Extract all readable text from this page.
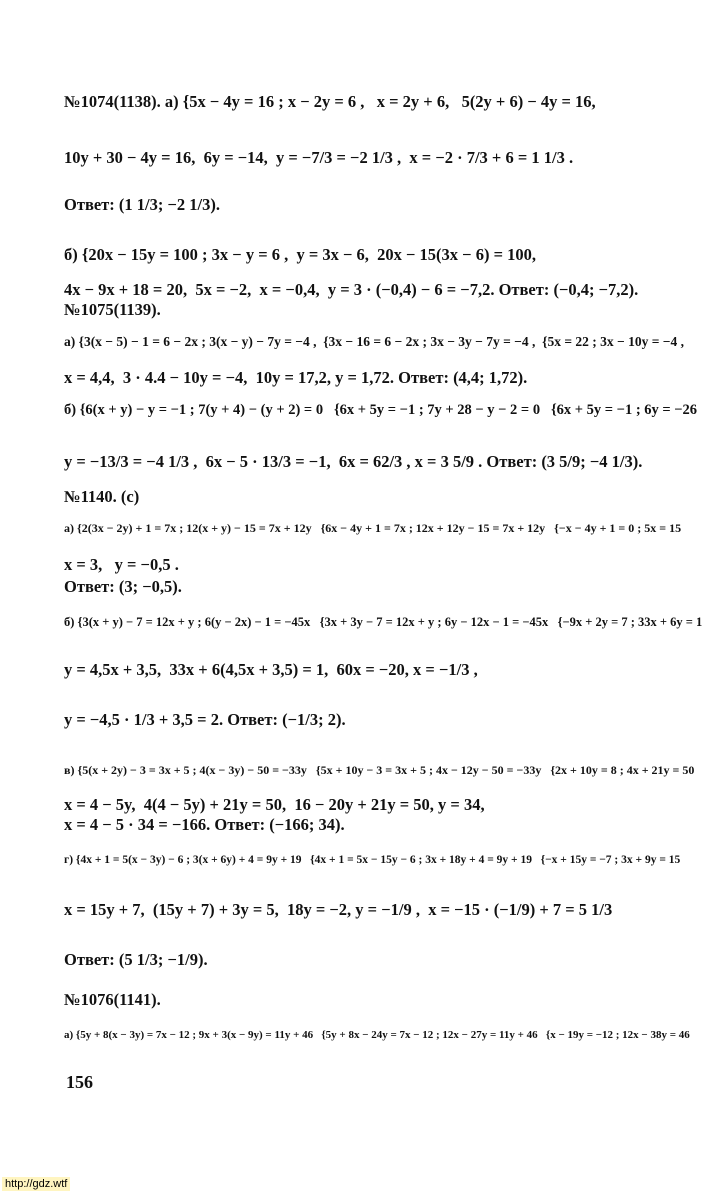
№1074(1138). а) {5x − 4y = 16 ; x − 2y = 6 ,   x = 2y + 6,   5(2y + 6) − 4y = 16,
10y + 30 − 4y = 16,  6y = −14,  y = −7/3 = −2 1/3 ,  x = −2 · 7/3 + 6 = 1 1/3 .
Ответ: (1 1/3; −2 1/3).
б) {20x − 15y = 100 ; 3x − y = 6 ,  y = 3x − 6,  20x − 15(3x − 6) = 100,
4x − 9x + 18 = 20,  5x = −2,  x = −0,4,  y = 3 · (−0,4) − 6 = −7,2. Ответ: (−0,4; −7,2).
№1075(1139).
а) {3(x − 5) − 1 = 6 − 2x ; 3(x − y) − 7y = −4 ,  {3x − 16 = 6 − 2x ; 3x − 3y − 7y = −4 ,  {5x = 22 ; 3x − 10y = −4 ,
x = 4,4,  3 · 4.4 − 10y = −4,  10y = 17,2, y = 1,72. Ответ: (4,4; 1,72).
б) {6(x + y) − y = −1 ; 7(y + 4) − (y + 2) = 0   {6x + 5y = −1 ; 7y + 28 − y − 2 = 0   {6x + 5y = −1 ; 6y = −26
y = −13/3 = −4 1/3 ,  6x − 5 · 13/3 = −1,  6x = 62/3 , x = 3 5/9 . Ответ: (3 5/9; −4 1/3).
№1140. (с)
а) {2(3x − 2y) + 1 = 7x ; 12(x + y) − 15 = 7x + 12y   {6x − 4y + 1 = 7x ; 12x + 12y − 15 = 7x + 12y   {−x − 4y + 1 = 0 ; 5x = 15
x = 3,   y = −0,5 .
Ответ: (3; −0,5).
б) {3(x + y) − 7 = 12x + y ; 6(y − 2x) − 1 = −45x   {3x + 3y − 7 = 12x + y ; 6y − 12x − 1 = −45x   {−9x + 2y = 7 ; 33x + 6y = 1
y = 4,5x + 3,5,  33x + 6(4,5x + 3,5) = 1,  60x = −20, x = −1/3 ,
y = −4,5 · 1/3 + 3,5 = 2. Ответ: (−1/3; 2).
в) {5(x + 2y) − 3 = 3x + 5 ; 4(x − 3y) − 50 = −33y   {5x + 10y − 3 = 3x + 5 ; 4x − 12y − 50 = −33y   {2x + 10y = 8 ; 4x + 21y = 50
x = 4 − 5y,  4(4 − 5y) + 21y = 50,  16 − 20y + 21y = 50, y = 34,
x = 4 − 5 · 34 = −166. Ответ: (−166; 34).
г) {4x + 1 = 5(x − 3y) − 6 ; 3(x + 6y) + 4 = 9y + 19   {4x + 1 = 5x − 15y − 6 ; 3x + 18y + 4 = 9y + 19   {−x + 15y = −7 ; 3x + 9y = 15
x = 15y + 7,  (15y + 7) + 3y = 5,  18y = −2, y = −1/9 ,  x = −15 · (−1/9) + 7 = 5 1/3
Ответ: (5 1/3; −1/9).
№1076(1141).
а) {5y + 8(x − 3y) = 7x − 12 ; 9x + 3(x − 9y) = 11y + 46   {5y + 8x − 24y = 7x − 12 ; 12x − 27y = 11y + 46   {x − 19y = −12 ; 12x − 38y = 46
156
http://gdz.wtf
